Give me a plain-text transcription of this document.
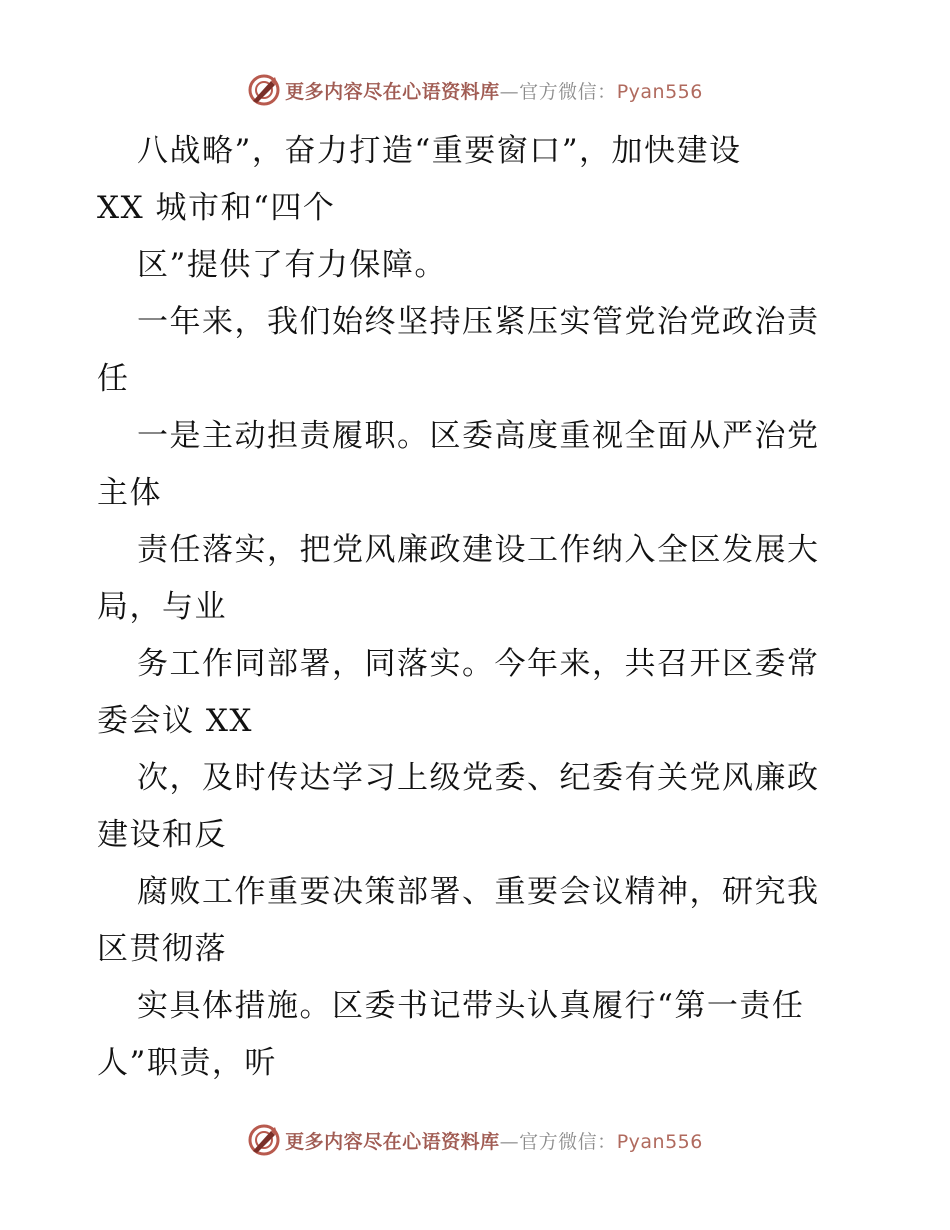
更多内容尽在心语资料库—官方微信：Pyan556
八战略”，奋力打造“重要窗口”，加快建设
XX 城市和“四个
区”提供了有力保障。
一年来，我们始终坚持压紧压实管党治党政治责
任
一是主动担责履职。区委高度重视全面从严治党
主体
责任落实，把党风廉政建设工作纳入全区发展大
局，与业
务工作同部署，同落实。今年来，共召开区委常
委会议 XX
次，及时传达学习上级党委、纪委有关党风廉政
建设和反
腐败工作重要决策部署、重要会议精神，研究我
区贯彻落
实具体措施。区委书记带头认真履行“第一责任
人”职责，听
更多内容尽在心语资料库—官方微信：Pyan556
